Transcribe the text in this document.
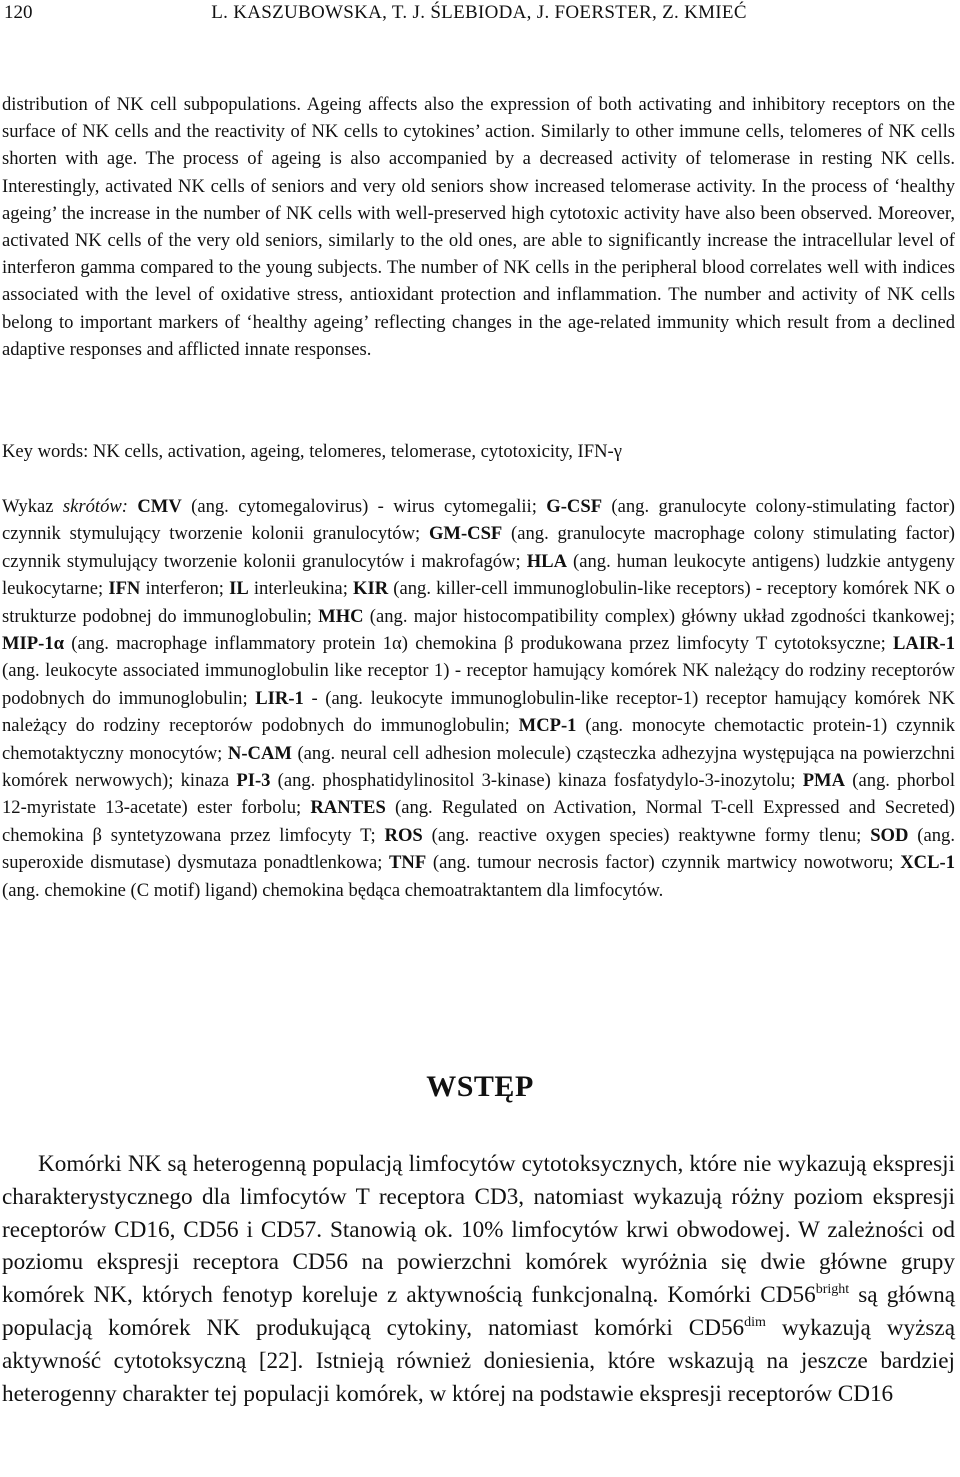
120	L. KASZUBOWSKA, T. J. ŚLEBIODA, J. FOERSTER, Z. KMIEĆ

distribution of NK cell subpopulations. Ageing affects also the expression of both activating and inhibitory receptors on the surface of NK cells and the reactivity of NK cells to cytokines’ action. Similarly to other immune cells, telomeres of NK cells shorten with age. The process of ageing is also accompanied by a decreased activity of telomerase in resting NK cells. Interestingly, activated NK cells of seniors and very old seniors show increased telomerase activity. In the process of ‘healthy ageing’ the increase in the number of NK cells with well-preserved high cytotoxic activity have also been observed. Moreover, activated NK cells of the very old seniors, similarly to the old ones, are able to significantly increase the intracellular level of interferon gamma compared to the young subjects. The number of NK cells in the peripheral blood correlates well with indices associated with the level of oxidative stress, antioxidant protection and inflammation. The number and activity of NK cells belong to important markers of ‘healthy ageing’ reflecting changes in the age-related immunity which result from a declined adaptive responses and afflicted innate responses.

Key words: NK cells, activation, ageing, telomeres, telomerase, cytotoxicity, IFN-γ

Wykaz skrótów: CMV (ang. cytomegalovirus) - wirus cytomegalii; G-CSF (ang. granulocyte colony-stimulating factor) czynnik stymulujący tworzenie kolonii granulocytów; GM-CSF (ang. granulocyte macrophage colony stimulating factor) czynnik stymulujący tworzenie kolonii granulocytów i makrofagów; HLA (ang. human leukocyte antigens) ludzkie antygeny leukocytarne; IFN interferon; IL interleukina; KIR (ang. killer-cell immunoglobulin-like receptors) - receptory komórek NK o strukturze podobnej do immunoglobulin; MHC (ang. major histocompatibility complex) główny układ zgodności tkankowej; MIP-1α (ang. macrophage inflammatory protein 1α) chemokina β produkowana przez limfocyty T cytotoksyczne; LAIR-1 (ang. leukocyte associated immunoglobulin like receptor 1) - receptor hamujący komórek NK należący do rodziny receptorów podobnych do immunoglobulin; LIR-1 - (ang. leukocyte immunoglobulin-like receptor-1) receptor hamujący komórek NK należący do rodziny receptorów podobnych do immunoglobulin; MCP-1 (ang. monocyte chemotactic protein-1) czynnik chemotaktyczny monocytów; N-CAM (ang. neural cell adhesion molecule) cząsteczka adhezyjna występująca na powierzchni komórek nerwowych); kinaza PI-3 (ang. phosphatidylinositol 3-kinase) kinaza fosfatydylo-3-inozytolu; PMA (ang. phorbol 12-myristate 13-acetate) ester forbolu; RANTES (ang. Regulated on Activation, Normal T-cell Expressed and Secreted) chemokina β syntetyzowana przez limfocyty T; ROS (ang. reactive oxygen species) reaktywne formy tlenu; SOD (ang. superoxide dismutase) dysmutaza ponadtlenkowa; TNF (ang. tumour necrosis factor) czynnik martwicy nowotworu; XCL-1 (ang. chemokine (C motif) ligand) chemokina będąca chemoatraktantem dla limfocytów.

WSTĘP

Komórki NK są heterogenną populacją limfocytów cytotoksycznych, które nie wykazują ekspresji charakterystycznego dla limfocytów T receptora CD3, natomiast wykazują różny poziom ekspresji receptorów CD16, CD56 i CD57. Stanowią ok. 10% limfocytów krwi obwodowej. W zależności od poziomu ekspresji receptora CD56 na powierzchni komórek wyróżnia się dwie główne grupy komórek NK, których fenotyp koreluje z aktywnością funkcjonalną. Komórki $CD56^{bright}$ są główną populacją komórek NK produkującą cytokiny, natomiast komórki $CD56^{dim}$ wykazują wyższą aktywność cytotoksyczną [22]. Istnieją również doniesienia, które wskazują na jeszcze bardziej heterogenny charakter tej populacji komórek, w której na podstawie ekspresji receptorów CD16
